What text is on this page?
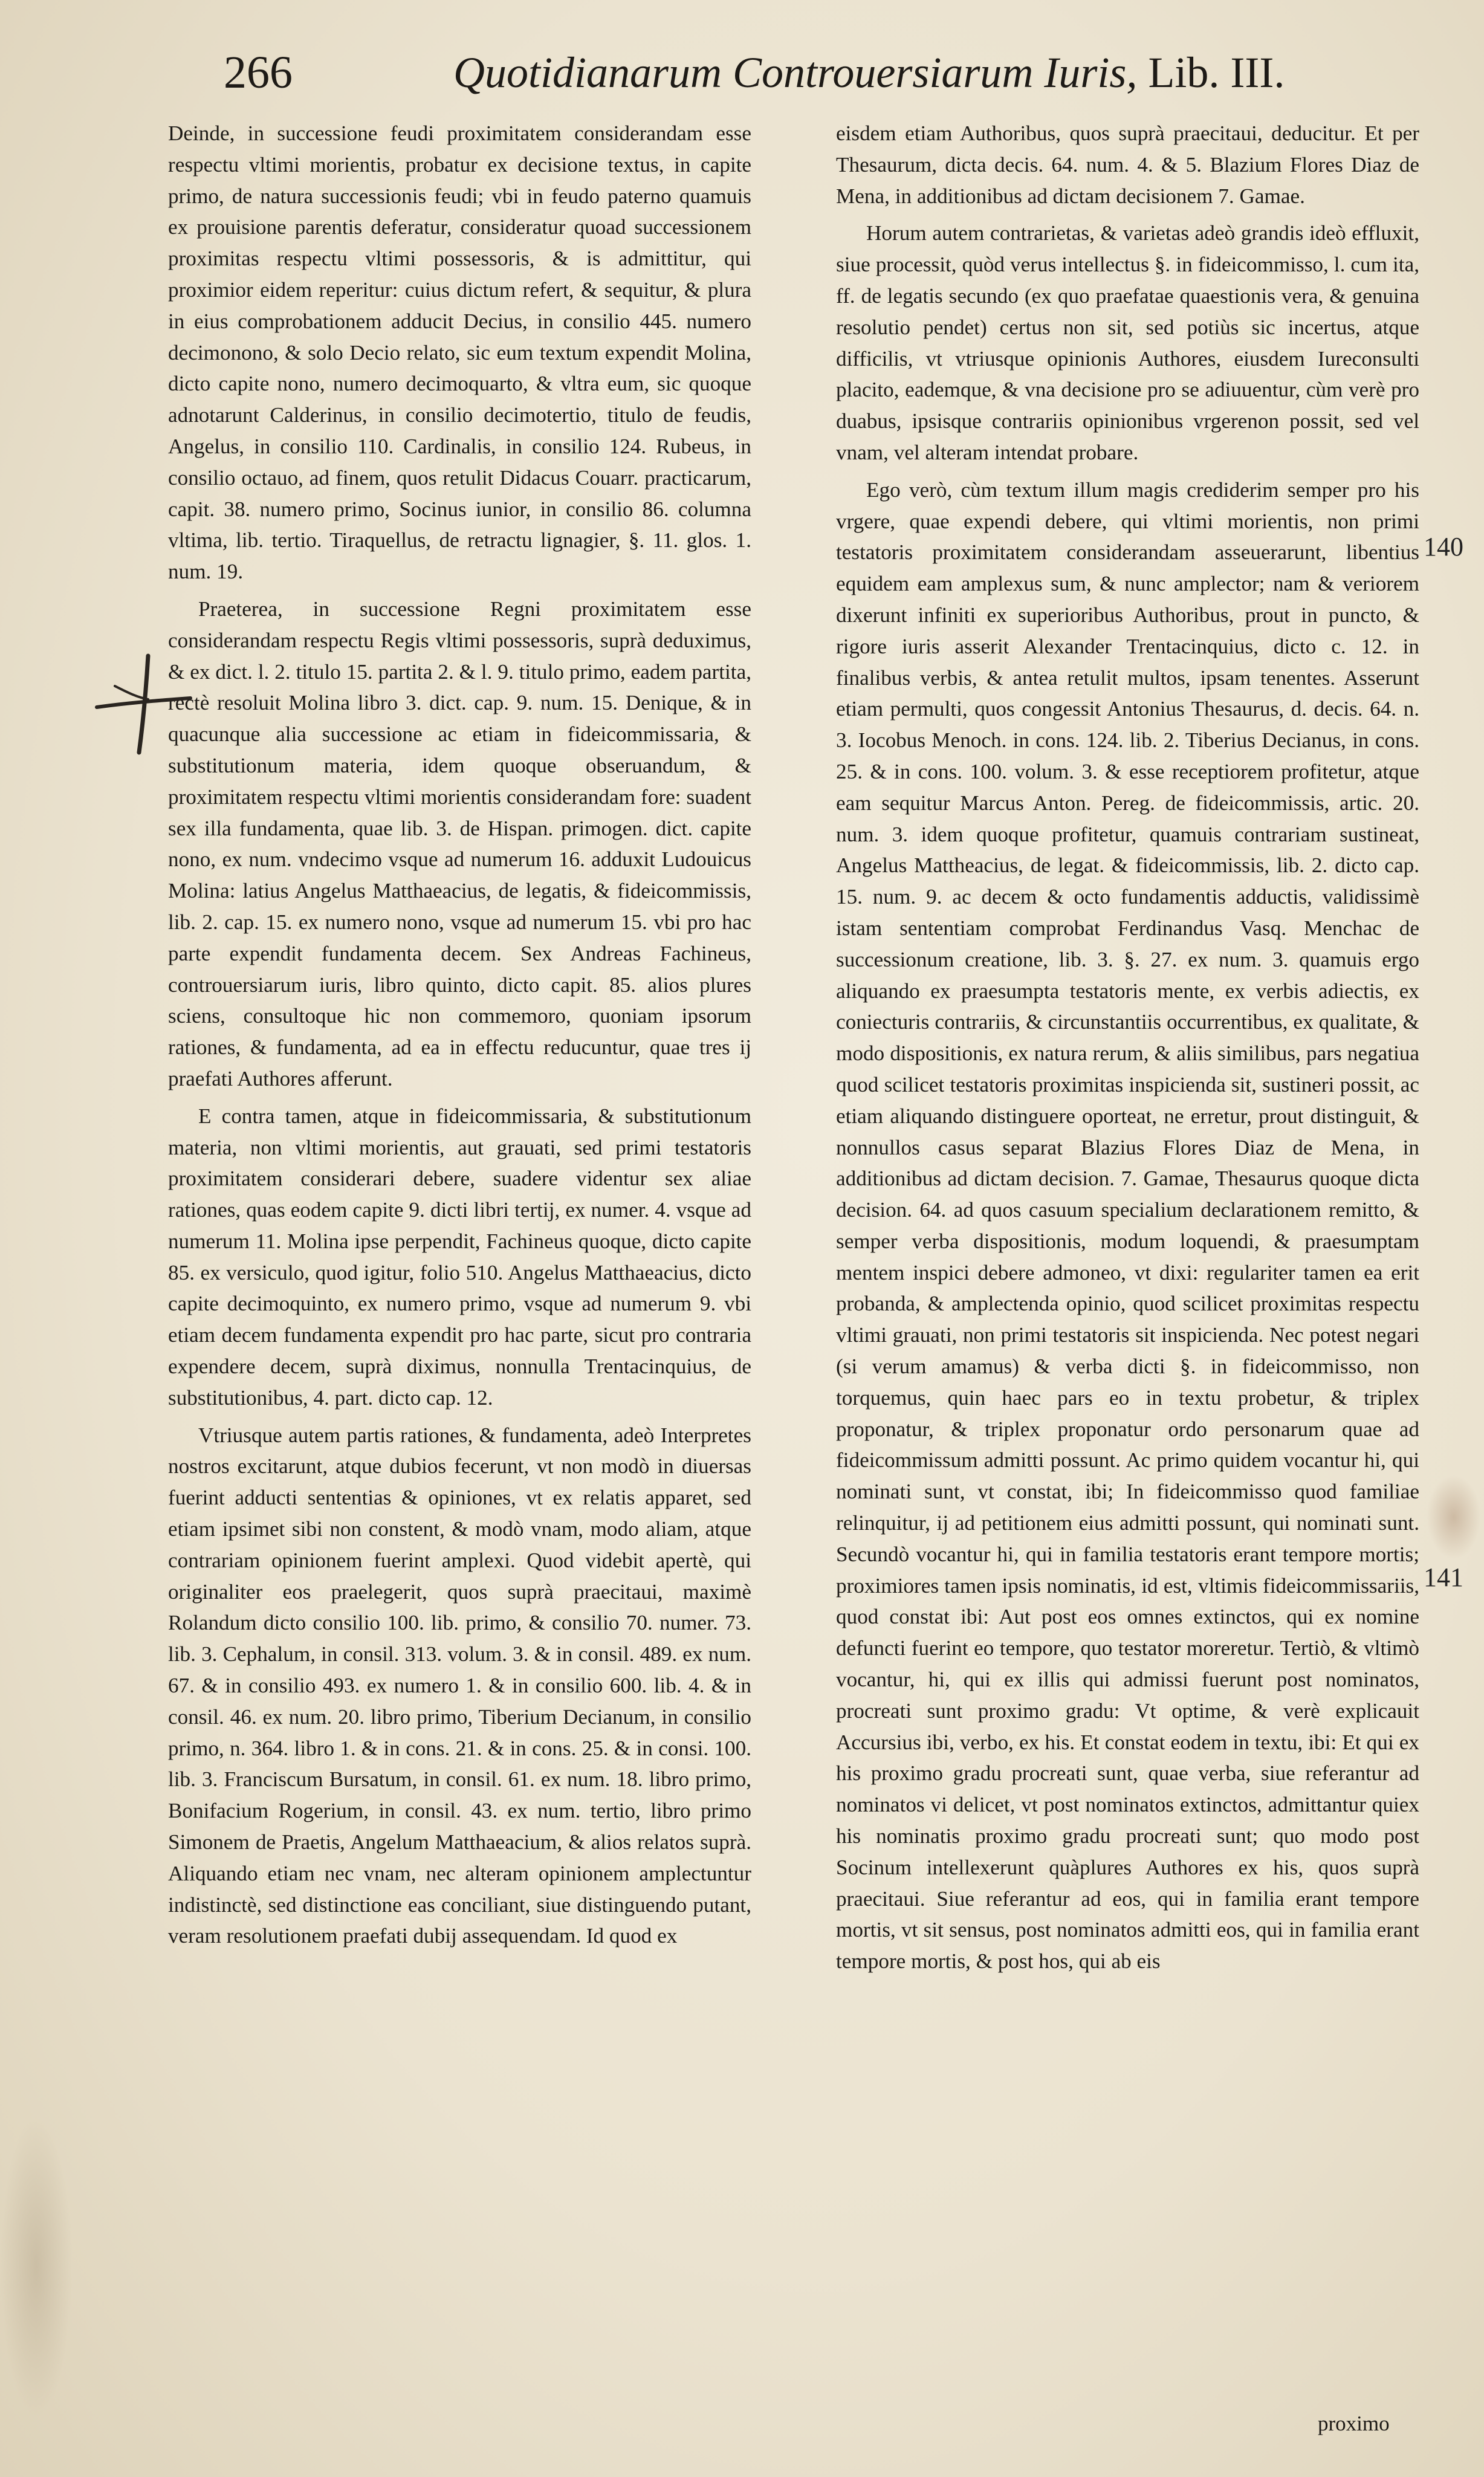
266	Quotidianarum Controuersiarum Iuris, Lib. III.

Deinde, in successione feudi proximitatem considerandam esse respectu vltimi morientis, probatur ex decisione textus, in capite primo, de natura successionis feudi; vbi in feudo paterno quamuis ex prouisione parentis deferatur, consideratur quoad successionem proximitas respectu vltimi possessoris, & is admittitur, qui proximior eidem reperitur: cuius dictum refert, & sequitur, & plura in eius comprobationem adducit Decius, in consilio 445. numero decimonono, & solo Decio relato, sic eum textum expendit Molina, dicto capite nono, numero decimoquarto, & vltra eum, sic quoque adnotarunt Calderinus, in consilio decimotertio, titulo de feudis, Angelus, in consilio 110. Cardinalis, in consilio 124. Rubeus, in consilio octauo, ad finem, quos retulit Didacus Couarr. practicarum, capit. 38. numero primo, Socinus iunior, in consilio 86. columna vltima, lib. tertio. Tiraquellus, de retractu lignagier, §. 11. glos. 1. num. 19.

Praeterea, in successione Regni proximitatem esse considerandam respectu Regis vltimi possessoris, suprà deduximus, & ex dict. l. 2. titulo 15. partita 2. & l. 9. titulo primo, eadem partita, rectè resoluit Molina libro 3. dict. cap. 9. num. 15. Denique, & in quacunque alia successione ac etiam in fideicommissaria, & substitutionum materia, idem quoque obseruandum, & proximitatem respectu vltimi morientis considerandam fore: suadent sex illa fundamenta, quae lib. 3. de Hispan. primogen. dict. capite nono, ex num. vndecimo vsque ad numerum 16. adduxit Ludouicus Molina: latius Angelus Matthaeacius, de legatis, & fideicommissis, lib. 2. cap. 15. ex numero nono, vsque ad numerum 15. vbi pro hac parte expendit fundamenta decem. Sex Andreas Fachineus, controuersiarum iuris, libro quinto, dicto capit. 85. alios plures sciens, consultoque hic non commemoro, quoniam ipsorum rationes, & fundamenta, ad ea in effectu reducuntur, quae tres ij praefati Authores afferunt.

E contra tamen, atque in fideicommissaria, & substitutionum materia, non vltimi morientis, aut grauati, sed primi testatoris proximitatem considerari debere, suadere videntur sex aliae rationes, quas eodem capite 9. dicti libri tertij, ex numer. 4. vsque ad numerum 11. Molina ipse perpendit, Fachineus quoque, dicto capite 85. ex versiculo, quod igitur, folio 510. Angelus Matthaeacius, dicto capite decimoquinto, ex numero primo, vsque ad numerum 9. vbi etiam decem fundamenta expendit pro hac parte, sicut pro contraria expendere decem, suprà diximus, nonnulla Trentacinquius, de substitutionibus, 4. part. dicto cap. 12.

Vtriusque autem partis rationes, & fundamenta, adeò Interpretes nostros excitarunt, atque dubios fecerunt, vt non modò in diuersas fuerint adducti sententias & opiniones, vt ex relatis apparet, sed etiam ipsimet sibi non constent, & modò vnam, modo aliam, atque contrariam opinionem fuerint amplexi. Quod videbit apertè, qui originaliter eos praelegerit, quos suprà praecitaui, maximè Rolandum dicto consilio 100. lib. primo, & consilio 70. numer. 73. lib. 3. Cephalum, in consil. 313. volum. 3. & in consil. 489. ex num. 67. & in consilio 493. ex numero 1. & in consilio 600. lib. 4. & in consil. 46. ex num. 20. libro primo, Tiberium Decianum, in consilio primo, n. 364. libro 1. & in cons. 21. & in cons. 25. & in consi. 100. lib. 3. Franciscum Bursatum, in consil. 61. ex num. 18. libro primo, Bonifacium Rogerium, in consil. 43. ex num. tertio, libro primo Simonem de Praetis, Angelum Matthaeacium, & alios relatos suprà. Aliquando etiam nec vnam, nec alteram opinionem amplectuntur indistinctè, sed distinctione eas conciliant, siue distinguendo putant, veram resolutionem praefati dubij assequendam. Id quod ex

eisdem etiam Authoribus, quos suprà praecitaui, deducitur. Et per Thesaurum, dicta decis. 64. num. 4. & 5. Blazium Flores Diaz de Mena, in additionibus ad dictam decisionem 7. Gamae.

Horum autem contrarietas, & varietas adeò grandis ideò effluxit, siue processit, quòd verus intellectus §. in fideicommisso, l. cum ita, ff. de legatis secundo (ex quo praefatae quaestionis vera, & genuina resolutio pendet) certus non sit, sed potiùs sic incertus, atque difficilis, vt vtriusque opinionis Authores, eiusdem Iureconsulti placito, eademque, & vna decisione pro se adiuuentur, cùm verè pro duabus, ipsisque contrariis opinionibus vrgerenon possit, sed vel vnam, vel alteram intendat probare.

Ego verò, cùm textum illum magis crediderim semper pro his vrgere, quae expendi debere, qui vltimi morientis, non primi testatoris proximitatem considerandam asseuerarunt, libentius equidem eam amplexus sum, & nunc amplector; nam & veriorem dixerunt infiniti ex superioribus Authoribus, prout in puncto, & rigore iuris asserit Alexander Trentacinquius, dicto c. 12. in finalibus verbis, & antea retulit multos, ipsam tenentes. Asserunt etiam permulti, quos congessit Antonius Thesaurus, d. decis. 64. n. 3. Iocobus Menoch. in cons. 124. lib. 2. Tiberius Decianus, in cons. 25. & in cons. 100. volum. 3. & esse receptiorem profitetur, atque eam sequitur Marcus Anton. Pereg. de fideicommissis, artic. 20. num. 3. idem quoque profitetur, quamuis contrariam sustineat, Angelus Mattheacius, de legat. & fideicommissis, lib. 2. dicto cap. 15. num. 9. ac decem & octo fundamentis adductis, validissimè istam sententiam comprobat Ferdinandus Vasq. Menchac de successionum creatione, lib. 3. §. 27. ex num. 3. quamuis ergo aliquando ex praesumpta testatoris mente, ex verbis adiectis, ex coniecturis contrariis, & circunstantiis occurrentibus, ex qualitate, & modo dispositionis, ex natura rerum, & aliis similibus, pars negatiua quod scilicet testatoris proximitas inspicienda sit, sustineri possit, ac etiam aliquando distinguere oporteat, ne erretur, prout distinguit, & nonnullos casus separat Blazius Flores Diaz de Mena, in additionibus ad dictam decision. 7. Gamae, Thesaurus quoque dicta decision. 64. ad quos casuum specialium declarationem remitto, & semper verba dispositionis, modum loquendi, & praesumptam mentem inspici debere admoneo, vt dixi: regulariter tamen ea erit probanda, & amplectenda opinio, quod scilicet proximitas respectu vltimi grauati, non primi testatoris sit inspicienda. Nec potest negari (si verum amamus) & verba dicti §. in fideicommisso, non torquemus, quin haec pars eo in textu probetur, & triplex proponatur, & triplex proponatur ordo personarum quae ad fideicommissum admitti possunt. Ac primo quidem vocantur hi, qui nominati sunt, vt constat, ibi; In fideicommisso quod familiae relinquitur, ij ad petitionem eius admitti possunt, qui nominati sunt. Secundò vocantur hi, qui in familia testatoris erant tempore mortis; proximiores tamen ipsis nominatis, id est, vltimis fideicommissariis, quod constat ibi: Aut post eos omnes extinctos, qui ex nomine defuncti fuerint eo tempore, quo testator moreretur. Tertiò, & vltimò vocantur, hi, qui ex illis qui admissi fuerunt post nominatos, procreati sunt proximo gradu: Vt optime, & verè explicauit Accursius ibi, verbo, ex his. Et constat eodem in textu, ibi: Et qui ex his proximo gradu procreati sunt, quae verba, siue referantur ad nominatos vi delicet, vt post nominatos extinctos, admittantur quiex his nominatis proximo gradu procreati sunt; quo modo post Socinum intellexerunt quàplures Authores ex his, quos suprà praecitaui. Siue referantur ad eos, qui in familia erant tempore mortis, vt sit sensus, post nominatos admitti eos, qui in familia erant tempore mortis, & post hos, qui ab eis

140
141
proximo
